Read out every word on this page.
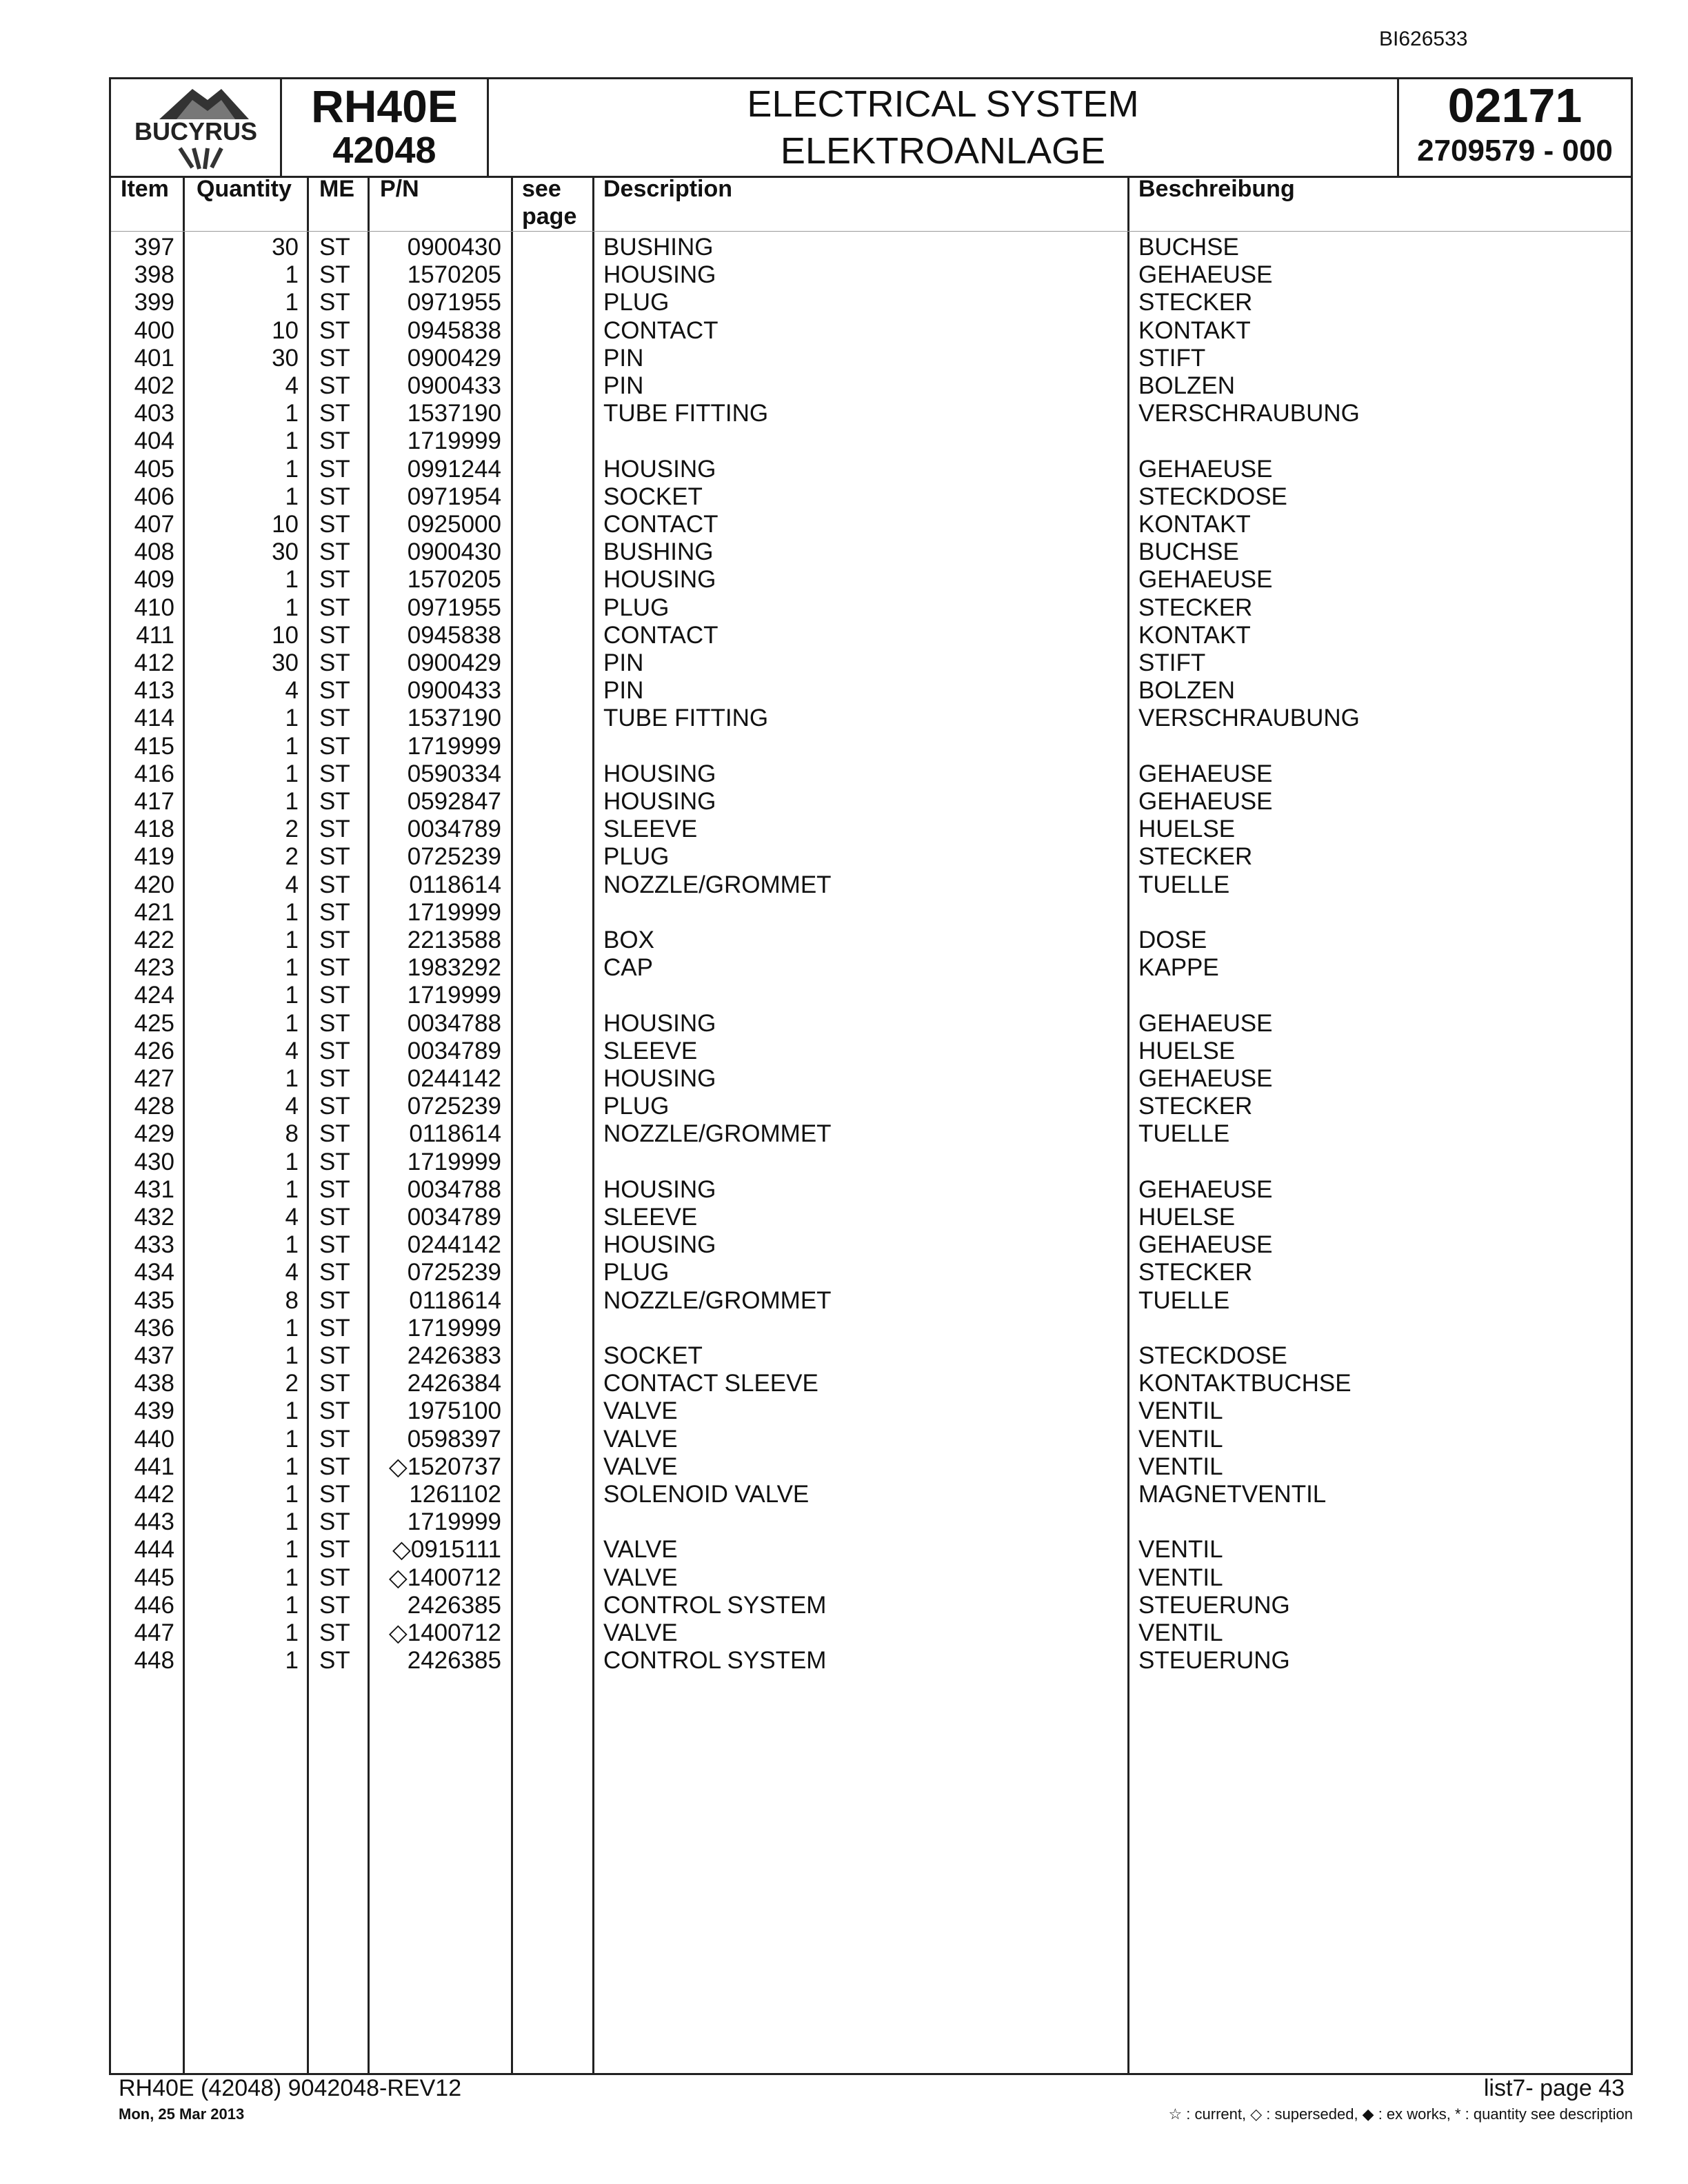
BI626533
BUCYRUS	RH40E
42048
ELECTRICAL SYSTEM
ELEKTROANLAGE
02171
2709579 - 000
Item Quantity ME P/N	see
page
Description	Beschreibung
397	30 ST	0900430	BUSHING	BUCHSE
398	1 ST	1570205	HOUSING	GEHAEUSE
399	1 ST	0971955	PLUG	STECKER
400	10 ST	0945838	CONTACT	KONTAKT
401	30 ST	0900429	PIN	STIFT
402	4 ST	0900433	PIN	BOLZEN
403	1 ST	1537190	TUBE FITTING	VERSCHRAUBUNG
404	1 ST	1719999
405	1 ST	0991244	HOUSING	GEHAEUSE
406	1 ST	0971954	SOCKET	STECKDOSE
407	10 ST	0925000	CONTACT	KONTAKT
408	30 ST	0900430	BUSHING	BUCHSE
409	1 ST	1570205	HOUSING	GEHAEUSE
410	1 ST	0971955	PLUG	STECKER
411	10 ST	0945838	CONTACT	KONTAKT
412	30 ST	0900429	PIN	STIFT
413	4 ST	0900433	PIN	BOLZEN
414	1 ST	1537190	TUBE FITTING	VERSCHRAUBUNG
415	1 ST	1719999
416	1 ST	0590334	HOUSING	GEHAEUSE
417	1 ST	0592847	HOUSING	GEHAEUSE
418	2 ST	0034789	SLEEVE	HUELSE
419	2 ST	0725239	PLUG	STECKER
420	4 ST	0118614	NOZZLE/GROMMET	TUELLE
421	1 ST	1719999
422	1 ST	2213588	BOX	DOSE
423	1 ST	1983292	CAP	KAPPE
424	1 ST	1719999
425	1 ST	0034788	HOUSING	GEHAEUSE
426	4 ST	0034789	SLEEVE	HUELSE
427	1 ST	0244142	HOUSING	GEHAEUSE
428	4 ST	0725239	PLUG	STECKER
429	8 ST	0118614	NOZZLE/GROMMET	TUELLE
430	1 ST	1719999
431	1 ST	0034788	HOUSING	GEHAEUSE
432	4 ST	0034789	SLEEVE	HUELSE
433	1 ST	0244142	HOUSING	GEHAEUSE
434	4 ST	0725239	PLUG	STECKER
435	8 ST	0118614	NOZZLE/GROMMET	TUELLE
436	1 ST	1719999
437	1 ST	2426383	SOCKET	STECKDOSE
438	2 ST	2426384	CONTACT SLEEVE	KONTAKTBUCHSE
439	1 ST	1975100	VALVE	VENTIL
440	1 ST	0598397	VALVE	VENTIL
441	1 ST	◇1520737	VALVE	VENTIL
442	1 ST	1261102	SOLENOID VALVE	MAGNETVENTIL
443	1 ST	1719999
444	1 ST	◇0915111	VALVE	VENTIL
445	1 ST	◇1400712	VALVE	VENTIL
446	1 ST	2426385	CONTROL SYSTEM	STEUERUNG
447	1 ST	◇1400712	VALVE	VENTIL
448	1 ST	2426385	CONTROL SYSTEM	STEUERUNG
RH40E (42048) 9042048-REV12
Mon, 25 Mar 2013
list7- page 43
☆ : current, ◇ : superseded, ◆ : ex works, * : quantity see description
